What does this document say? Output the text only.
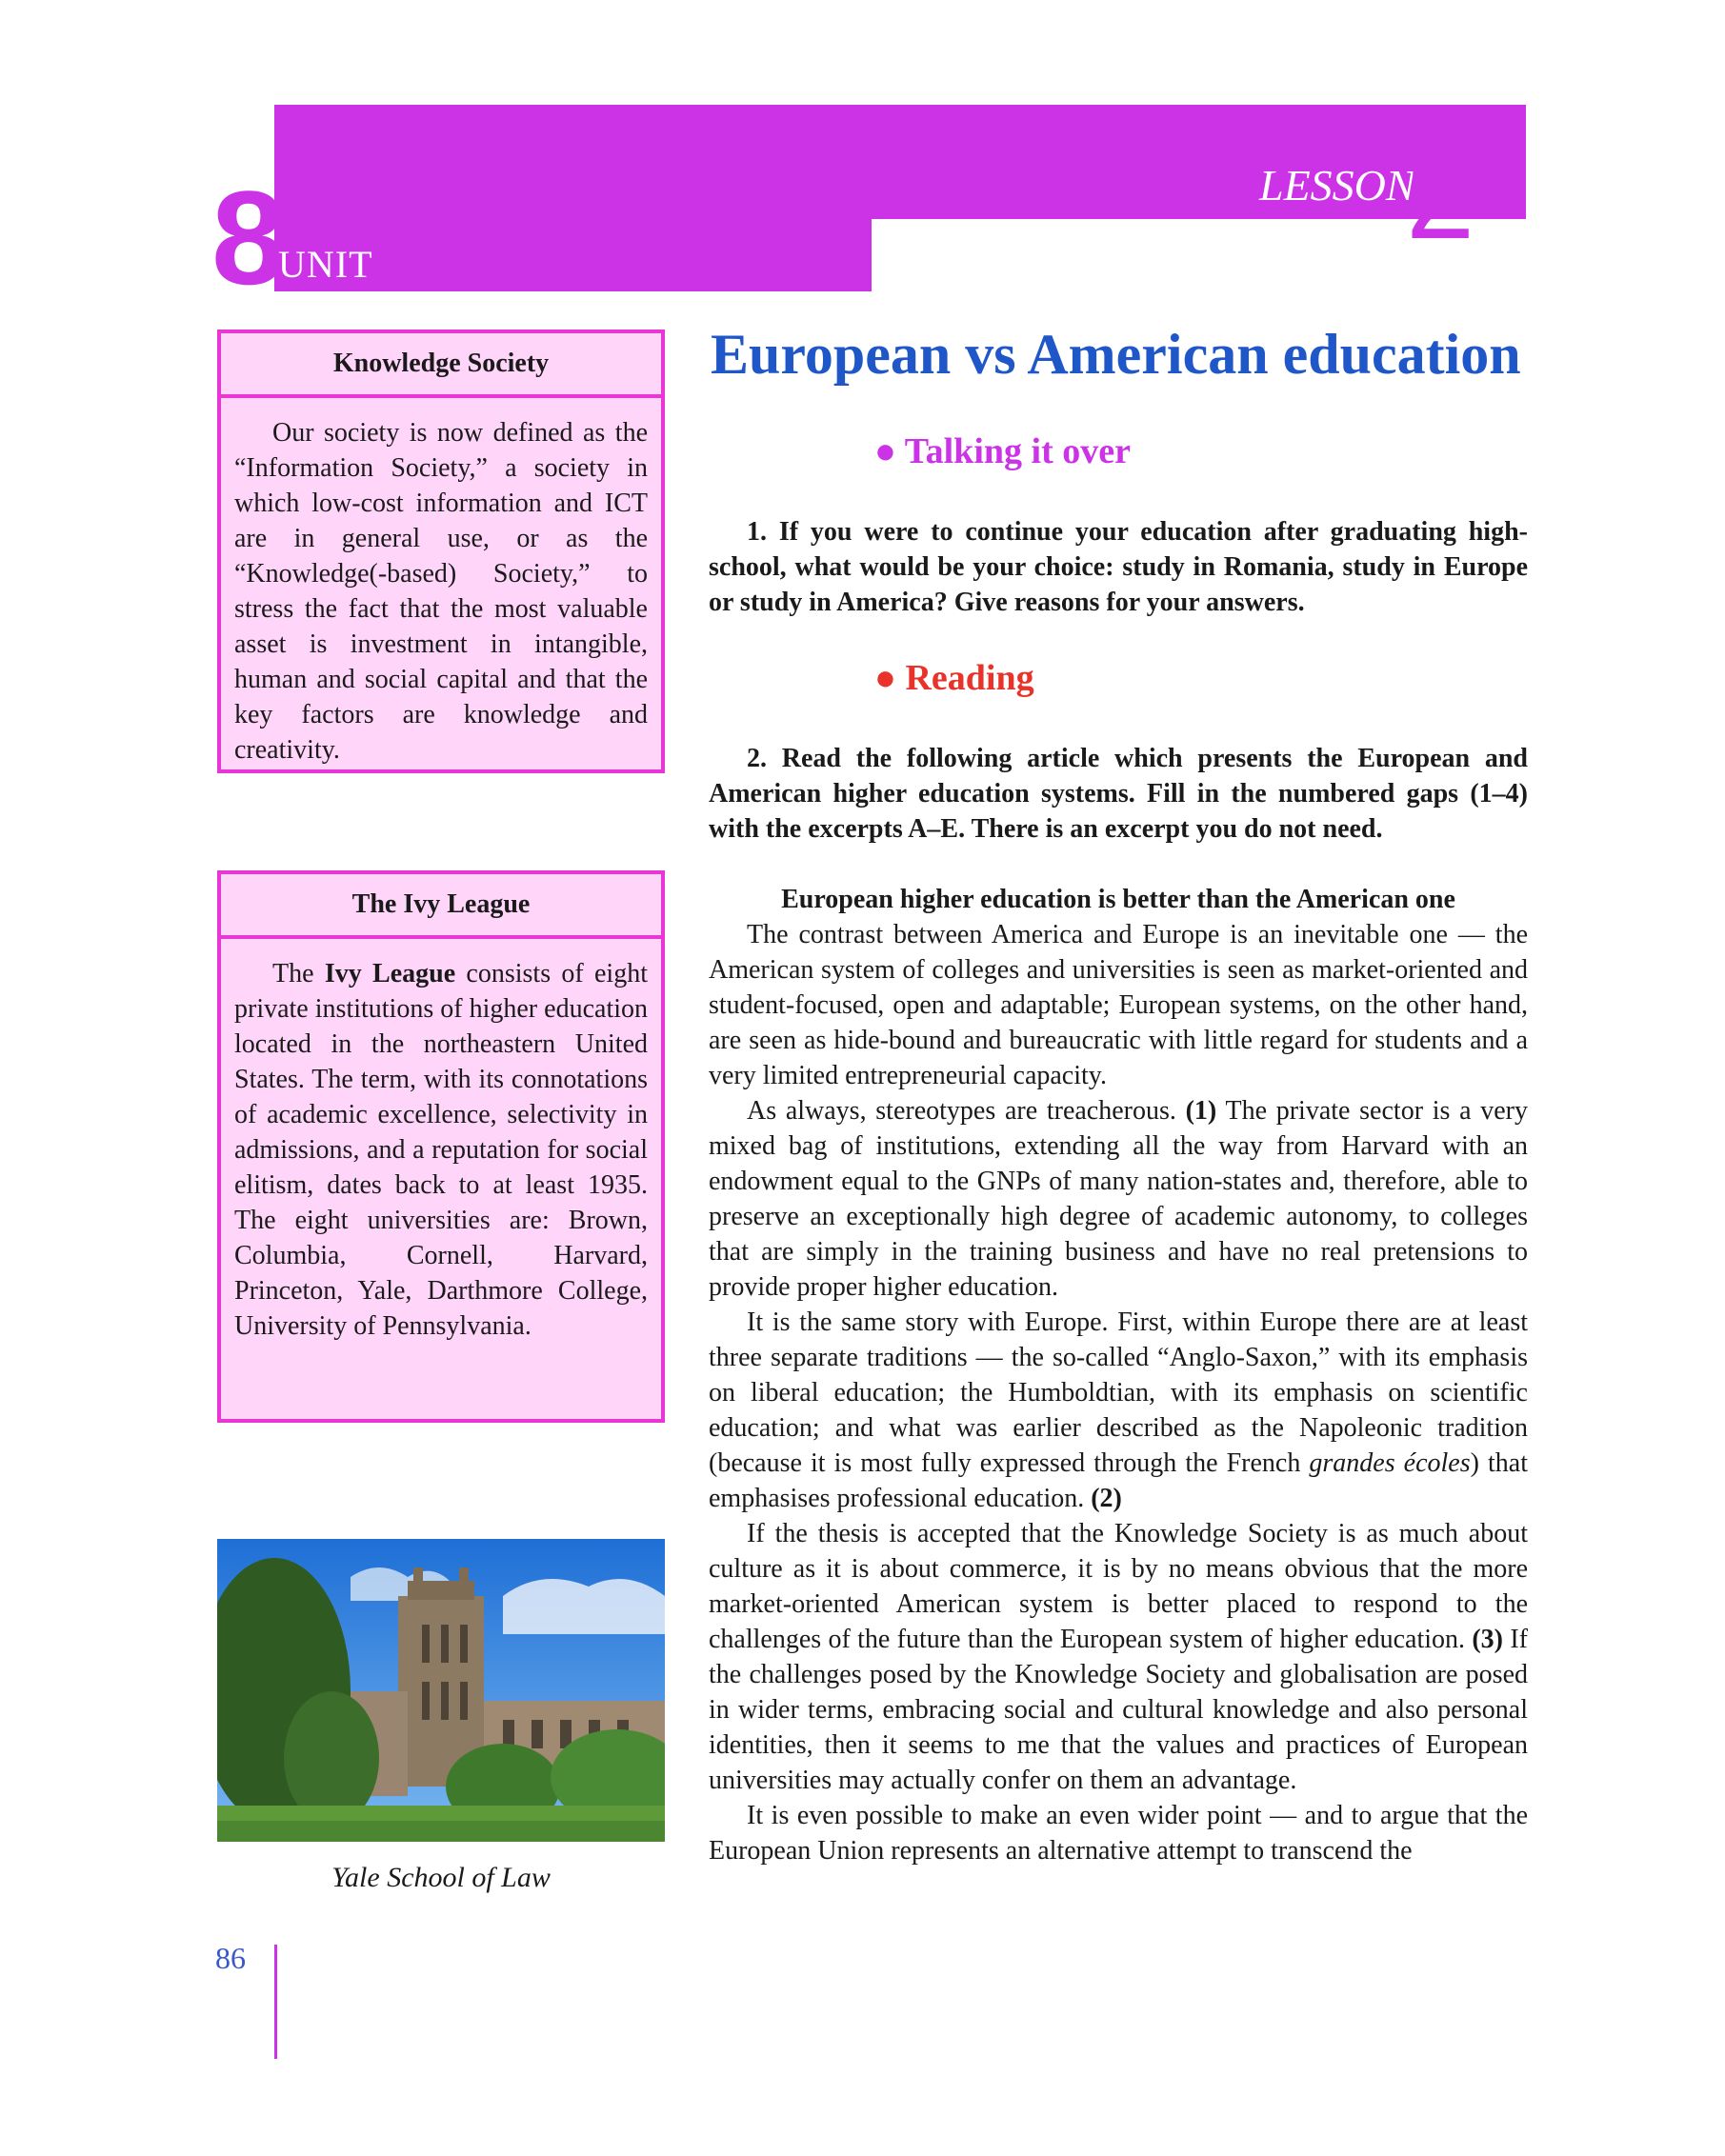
8
UNIT
LESSON
2
Knowledge Society
Our society is now defined as the “Information Society,” a society in which low-cost information and ICT are in general use, or as the “Knowledge(-based) Society,” to stress the fact that the most valuable asset is investment in intangible, human and social capital and that the key factors are knowledge and creativity.
The Ivy League
The Ivy League consists of eight private institutions of higher education located in the northeastern United States. The term, with its connotations of academic excellence, selectivity in admissions, and a reputation for social elitism, dates back to at least 1935. The eight universities are: Brown, Columbia, Cornell, Harvard, Princeton, Yale, Darthmore College, University of Pennsylvania.
Yale School of Law
European vs American education
● Talking it over
1. If you were to continue your education after graduating high-school, what would be your choice: study in Romania, study in Europe or study in America? Give reasons for your answers.
● Reading
2. Read the following article which presents the European and American higher education systems. Fill in the numbered gaps (1–4) with the excerpts A–E. There is an excerpt you do not need.
European higher education is better than the American one

The contrast between America and Europe is an inevitable one — the American system of colleges and universities is seen as market-oriented and student-focused, open and adaptable; European systems, on the other hand, are seen as hide-bound and bureaucratic with little regard for students and a very limited entrepreneurial capacity.

As always, stereotypes are treacherous. (1) The private sector is a very mixed bag of institutions, extending all the way from Harvard with an endowment equal to the GNPs of many nation-states and, therefore, able to preserve an exceptionally high degree of academic autonomy, to colleges that are simply in the training business and have no real pretensions to provide proper higher education.

It is the same story with Europe. First, within Europe there are at least three separate traditions — the so-called “Anglo-Saxon,” with its emphasis on liberal education; the Humboldtian, with its emphasis on scientific education; and what was earlier described as the Napoleonic tradition (because it is most fully expressed through the French grandes écoles) that emphasises professional education. (2)

If the thesis is accepted that the Knowledge Society is as much about culture as it is about commerce, it is by no means obvious that the more market-oriented American system is better placed to respond to the challenges of the future than the European system of higher education. (3) If the challenges posed by the Knowledge Society and globalisation are posed in wider terms, embracing social and cultural knowledge and also personal identities, then it seems to me that the values and practices of European universities may actually confer on them an advantage.

It is even possible to make an even wider point — and to argue that the European Union represents an alternative attempt to transcend the

86
